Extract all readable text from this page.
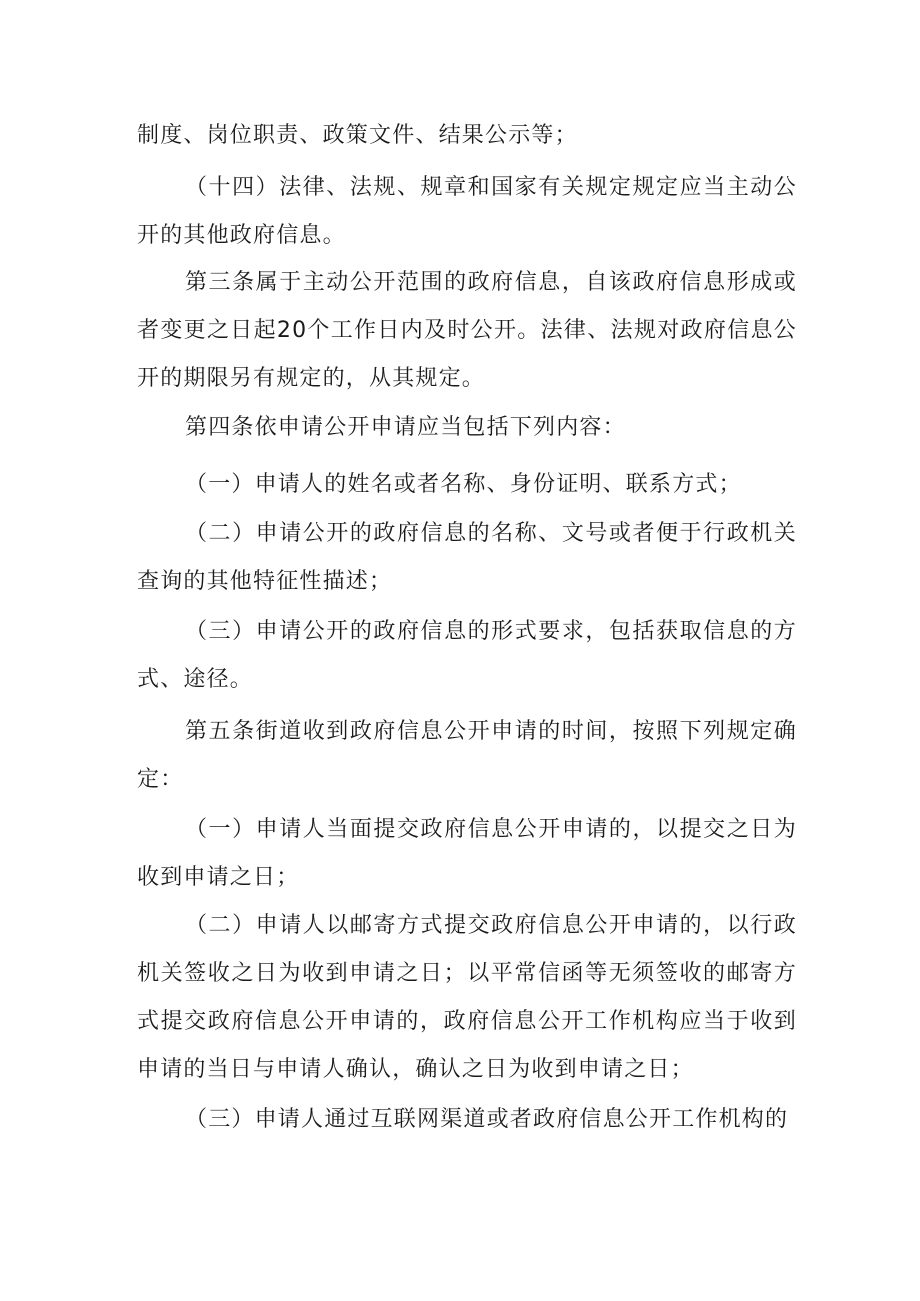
制度、岗位职责、政策文件、结果公示等；

（十四）法律、法规、规章和国家有关规定规定应当主动公开的其他政府信息。

第三条属于主动公开范围的政府信息，自该政府信息形成或者变更之日起20个工作日内及时公开。法律、法规对政府信息公开的期限另有规定的，从其规定。

第四条依申请公开申请应当包括下列内容：

（一）申请人的姓名或者名称、身份证明、联系方式；

（二）申请公开的政府信息的名称、文号或者便于行政机关查询的其他特征性描述；

（三）申请公开的政府信息的形式要求，包括获取信息的方式、途径。

第五条街道收到政府信息公开申请的时间，按照下列规定确定：

（一）申请人当面提交政府信息公开申请的，以提交之日为收到申请之日；

（二）申请人以邮寄方式提交政府信息公开申请的，以行政机关签收之日为收到申请之日；以平常信函等无须签收的邮寄方式提交政府信息公开申请的，政府信息公开工作机构应当于收到申请的当日与申请人确认，确认之日为收到申请之日；

（三）申请人通过互联网渠道或者政府信息公开工作机构的
